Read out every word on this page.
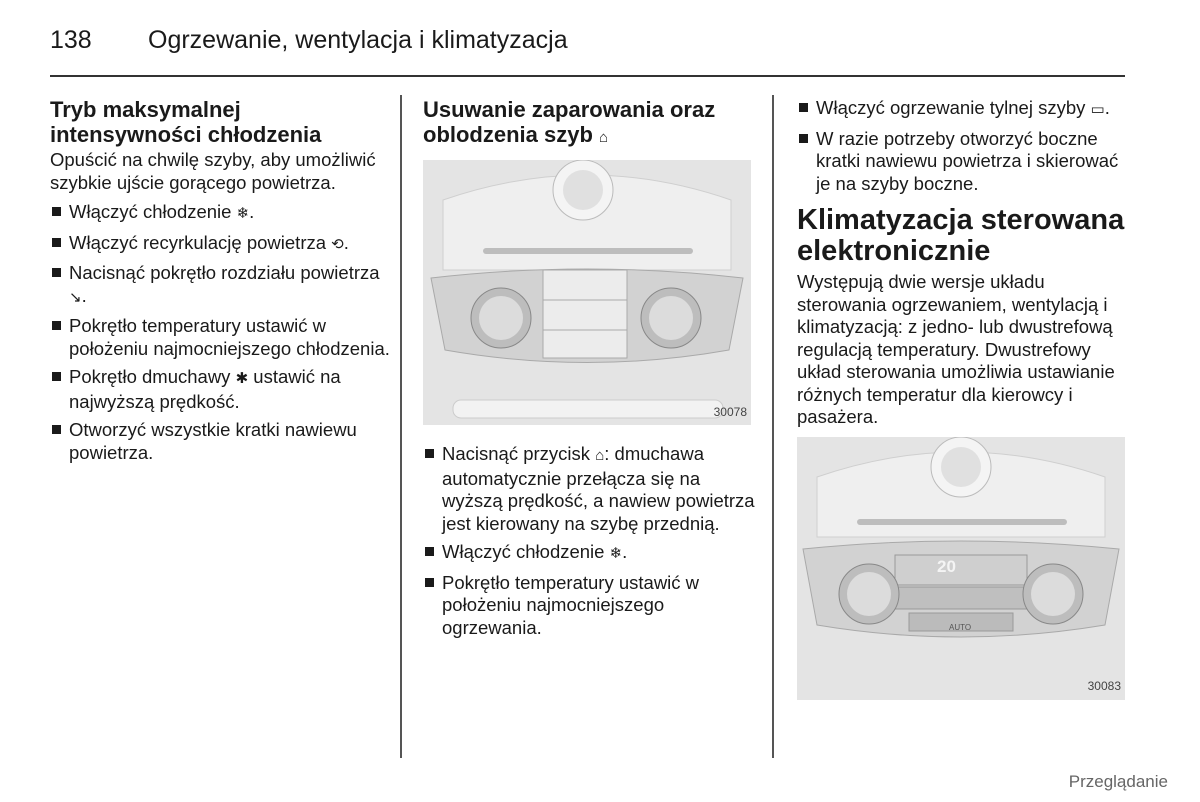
138 Ogrzewanie, wentylacja i klimatyzacja
Tryb maksymalnej intensywności chłodzenia
Opuścić na chwilę szyby, aby umożliwić szybkie ujście gorącego powietrza.
Włączyć chłodzenie ❄.
Włączyć recyrkulację powietrza ⟲.
Nacisnąć pokrętło rozdziału powietrza ↘.
Pokrętło temperatury ustawić w położeniu najmocniejszego chłodzenia.
Pokrętło dmuchawy ✱ ustawić na najwyższą prędkość.
Otworzyć wszystkie kratki nawiewu powietrza.
Usuwanie zaparowania oraz oblodzenia szyb ⌂
30078
Nacisnąć przycisk ⌂: dmuchawa automatycznie przełącza się na wyższą prędkość, a nawiew powietrza jest kierowany na szybę przednią.
Włączyć chłodzenie ❄.
Pokrętło temperatury ustawić w położeniu najmocniejszego ogrzewania.
Włączyć ogrzewanie tylnej szyby ▭.
W razie potrzeby otworzyć boczne kratki nawiewu powietrza i skierować je na szyby boczne.
Klimatyzacja sterowana elektronicznie
Występują dwie wersje układu sterowania ogrzewaniem, wentylacją i klimatyzacją: z jedno- lub dwustrefową regulacją temperatury. Dwustrefowy układ sterowania umożliwia ustawianie różnych temperatur dla kierowcy i pasażera.
20
AUTO
30083
Przeglądanie
